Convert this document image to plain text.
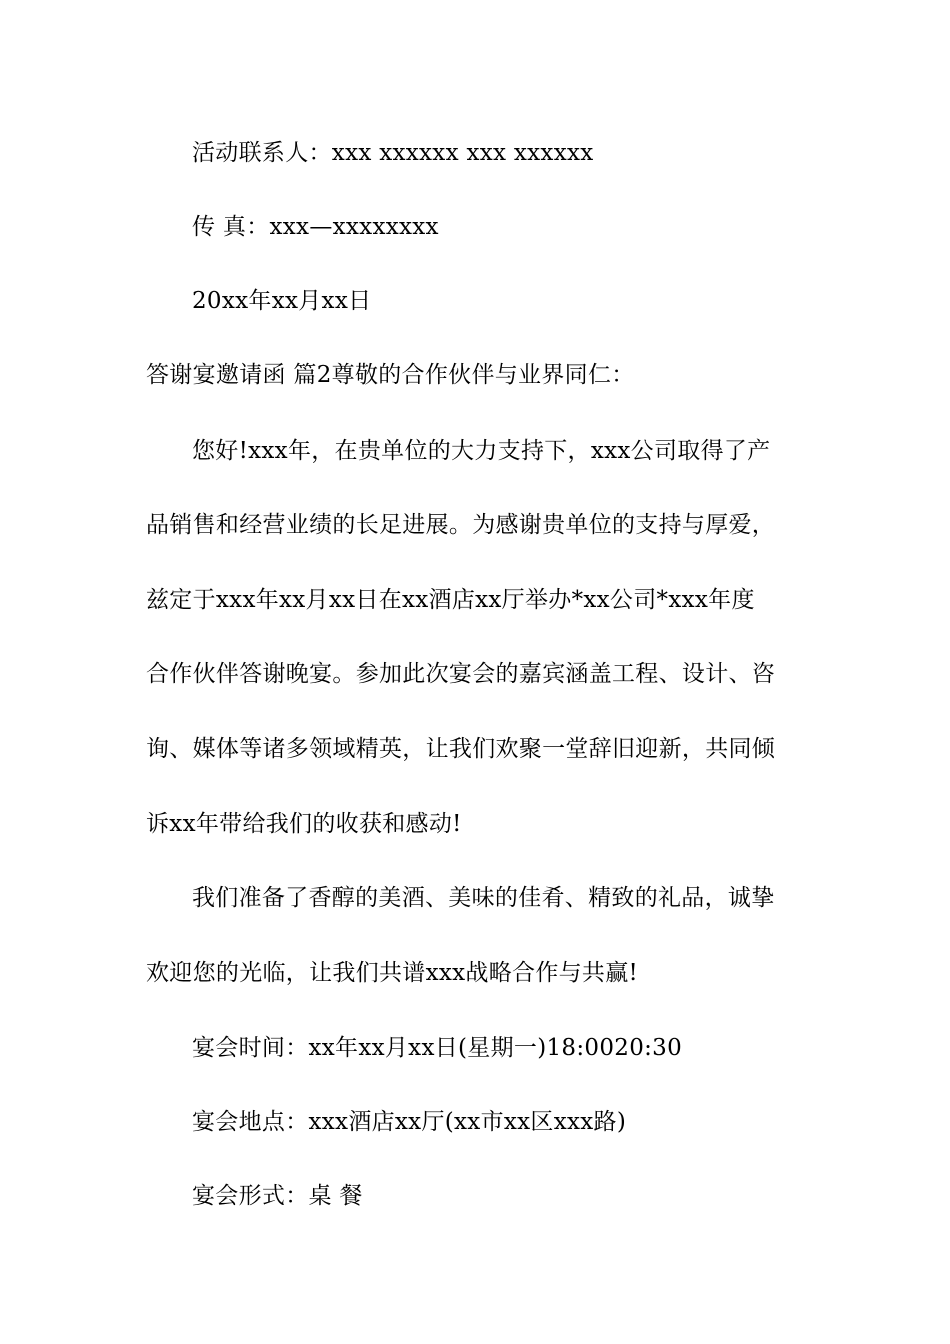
活动联系人：xxx xxxxxx xxx xxxxxx
传 真：xxx—xxxxxxxx
20xx年xx月xx日
答谢宴邀请函 篇2尊敬的合作伙伴与业界同仁：
您好!xxx年，在贵单位的大力支持下，xxx公司取得了产
品销售和经营业绩的长足进展。为感谢贵单位的支持与厚爱，
兹定于xxx年xx月xx日在xx酒店xx厅举办*xx公司*xxx年度
合作伙伴答谢晚宴。参加此次宴会的嘉宾涵盖工程、设计、咨
询、媒体等诸多领域精英，让我们欢聚一堂辞旧迎新，共同倾
诉xx年带给我们的收获和感动!
我们准备了香醇的美酒、美味的佳肴、精致的礼品，诚挚
欢迎您的光临，让我们共谱xxx战略合作与共赢!
宴会时间：xx年xx月xx日(星期一)18:0020:30
宴会地点：xxx酒店xx厅(xx市xx区xxx路)
宴会形式：桌 餐
